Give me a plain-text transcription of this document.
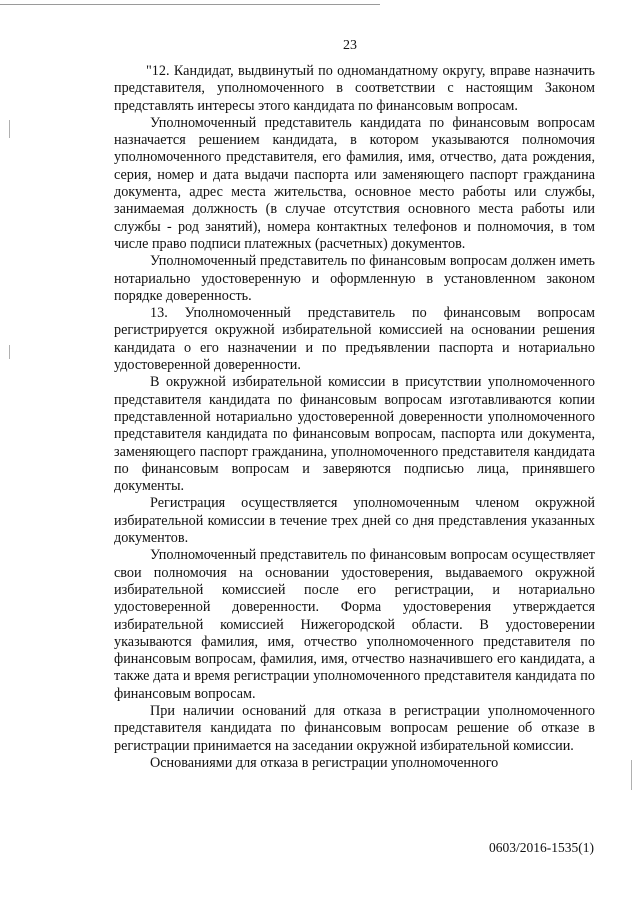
23

"12. Кандидат, выдвинутый по одномандатному округу, вправе назначить представителя, уполномоченного в соответствии с настоящим Законом представлять интересы этого кандидата по финансовым вопросам.

Уполномоченный представитель кандидата по финансовым вопросам назначается решением кандидата, в котором указываются полномочия уполномоченного представителя, его фамилия, имя, отчество, дата рождения, серия, номер и дата выдачи паспорта или заменяющего паспорт гражданина документа, адрес места жительства, основное место работы или службы, занимаемая должность (в случае отсутствия основного места работы или службы - род занятий), номера контактных телефонов и полномочия, в том числе право подписи платежных (расчетных) документов.

Уполномоченный представитель по финансовым вопросам должен иметь нотариально удостоверенную и оформленную в установленном законом порядке доверенность.

13. Уполномоченный представитель по финансовым вопросам регистрируется окружной избирательной комиссией на основании решения кандидата о его назначении и по предъявлении паспорта и нотариально удостоверенной доверенности.

В окружной избирательной комиссии в присутствии уполномоченного представителя кандидата по финансовым вопросам изготавливаются копии представленной нотариально удостоверенной доверенности уполномоченного представителя кандидата по финансовым вопросам, паспорта или документа, заменяющего паспорт гражданина, уполномоченного представителя кандидата по финансовым вопросам и заверяются подписью лица, принявшего документы.

Регистрация осуществляется уполномоченным членом окружной избирательной комиссии в течение трех дней со дня представления указанных документов.

Уполномоченный представитель по финансовым вопросам осуществляет свои полномочия на основании удостоверения, выдаваемого окружной избирательной комиссией после его регистрации, и нотариально удостоверенной доверенности. Форма удостоверения утверждается избирательной комиссией Нижегородской области. В удостоверении указываются фамилия, имя, отчество уполномоченного представителя по финансовым вопросам, фамилия, имя, отчество назначившего его кандидата, а также дата и время регистрации уполномоченного представителя кандидата по финансовым вопросам.

При наличии оснований для отказа в регистрации уполномоченного представителя кандидата по финансовым вопросам решение об отказе в регистрации принимается на заседании окружной избирательной комиссии.

Основаниями для отказа в регистрации уполномоченного

0603/2016-1535(1)
